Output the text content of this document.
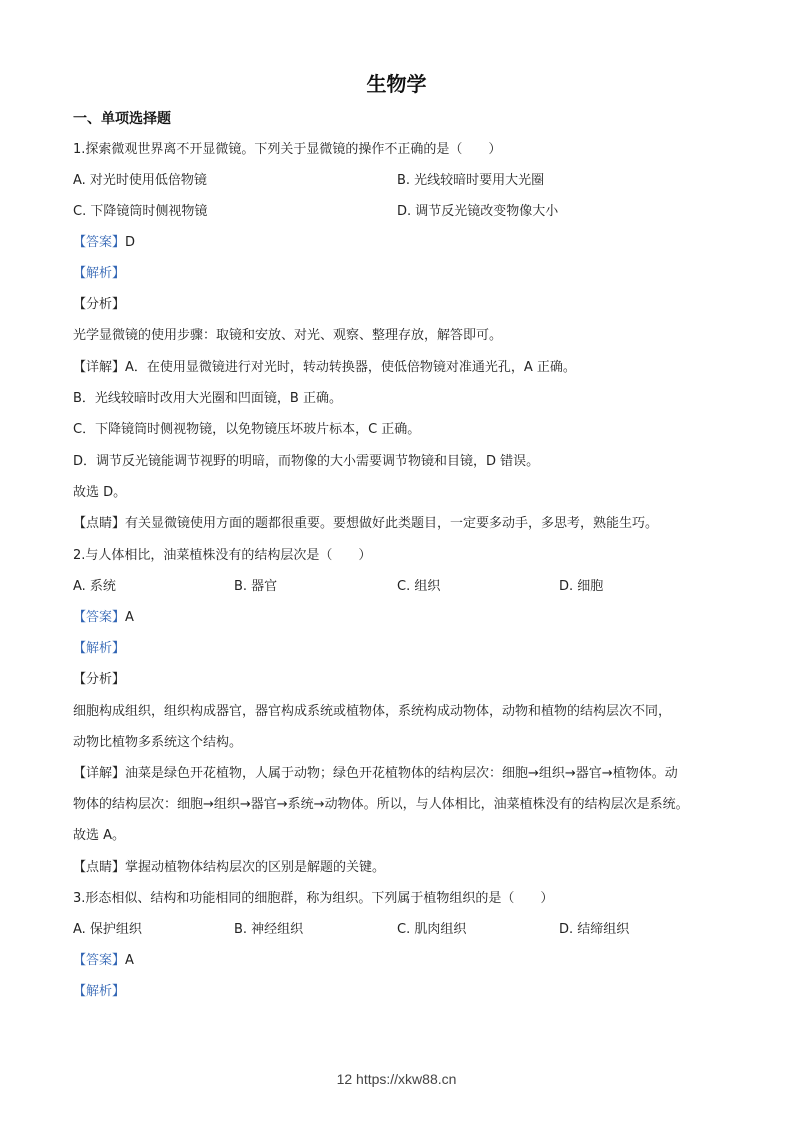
生物学
一、单项选择题
1.探索微观世界离不开显微镜。下列关于显微镜的操作不正确的是（　　）
A. 对光时使用低倍物镜	B. 光线较暗时要用大光圈
C. 下降镜筒时侧视物镜	D. 调节反光镜改变物像大小
【答案】D
【解析】
【分析】
光学显微镜的使用步骤：取镜和安放、对光、观察、整理存放，解答即可。
【详解】A．在使用显微镜进行对光时，转动转换器，使低倍物镜对准通光孔，A 正确。
B．光线较暗时改用大光圈和凹面镜，B 正确。
C．下降镜筒时侧视物镜，以免物镜压坏玻片标本，C 正确。
D．调节反光镜能调节视野的明暗，而物像的大小需要调节物镜和目镜，D 错误。
故选 D。
【点睛】有关显微镜使用方面的题都很重要。要想做好此类题目，一定要多动手，多思考，熟能生巧。
2.与人体相比，油菜植株没有的结构层次是（　　）
A. 系统	B. 器官	C. 组织	D. 细胞
【答案】A
【解析】
【分析】
细胞构成组织，组织构成器官，器官构成系统或植物体，系统构成动物体，动物和植物的结构层次不同，
动物比植物多系统这个结构。
【详解】油菜是绿色开花植物，人属于动物；绿色开花植物体的结构层次：细胞→组织→器官→植物体。动
物体的结构层次：细胞→组织→器官→系统→动物体。所以，与人体相比，油菜植株没有的结构层次是系统。
故选 A。
【点睛】掌握动植物体结构层次的区别是解题的关键。
3.形态相似、结构和功能相同的细胞群，称为组织。下列属于植物组织的是（　　）
A. 保护组织	B. 神经组织	C. 肌肉组织	D. 结缔组织
【答案】A
【解析】
12 https://xkw88.cn
